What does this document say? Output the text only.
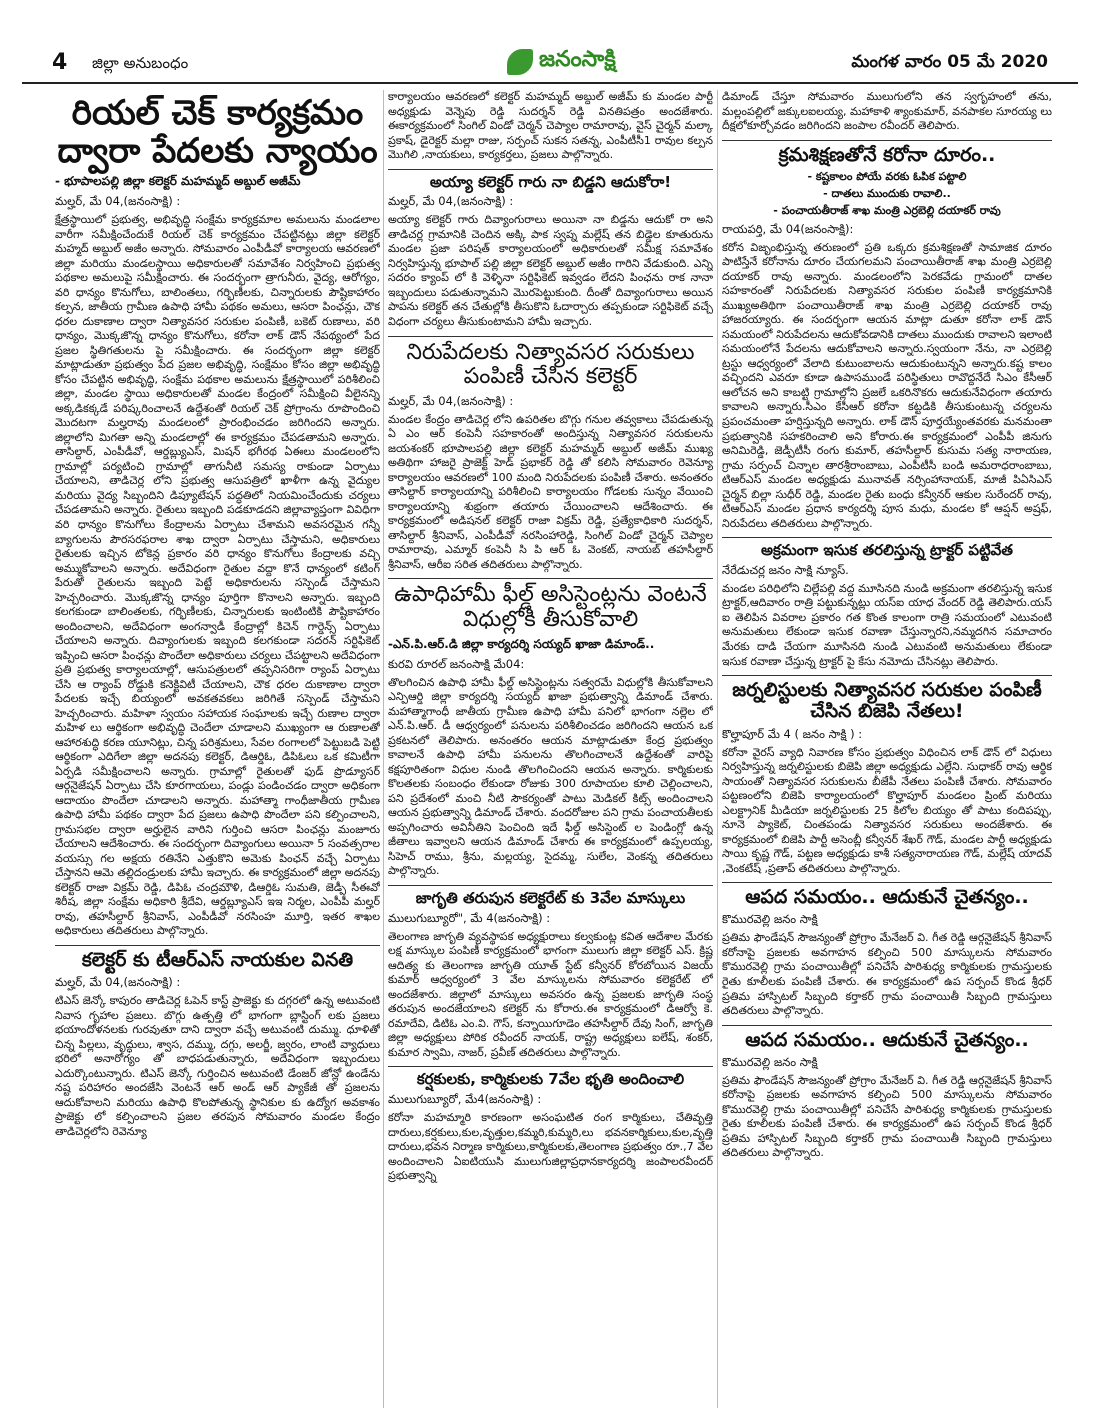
4 జిల్లా అనుబంధం	జనంసాక్షి	మంగళ వారం 05 మే 2020
రియల్ చెక్ కార్యక్రమం ద్వారా పేదలకు న్యాయం
- భూపాలపల్లి జిల్లా కలెక్టర్ మహమ్మద్ అబ్దుల్ అజీమ్
మల్హర్, మే 04,(జనంసాక్షి) :

క్షేత్రస్థాయిలో ప్రభుత్వ, అభివృద్ధి సంక్షేమ కార్యక్రమాల అమలును మండలాల వారీగా సమీక్షించేందుకే రియల్ చెక్ కార్యక్రమం చేపట్టినట్లు జిల్లా కలెక్టర్ మహ్మద్ అబ్దుల్ అజీం అన్నారు. సోమవారం ఎంపీడీవో కార్యాలయ ఆవరణలో జిల్లా మరియు మండలస్థాయి అధికారులతో సమావేశం నిర్వహించి ప్రభుత్వ పథకాల అమలుపై సమీక్షించారు. ఈ సందర్భంగా త్రాగునీరు, వైద్య, ఆరోగ్యం, వరి ధాన్యం కొనుగోలు, బాలింతలు, గర్భిణీలకు, చిన్నారులకు పౌష్టికాహారం కల్పన, జాతీయ గ్రామీణ ఉపాధి హామీ పథకం అమలు, ఆసరా పింఛన్లు, చౌక ధరల దుకాణాల ద్వారా నిత్యావసర సరుకుల పంపిణీ, బకెట్ రుణాలు, వరి ధాన్యం, మొక్కజొన్న ధాన్యం కొనుగోలు, కరోనా లాక్ డౌన్ నేపథ్యంలో పేద ప్రజల స్థితిగతులను పై సమీక్షించారు. ఈ సందర్భంగా జిల్లా కలెక్టర్ మాట్లాడుతూ ప్రభుత్వం పేద ప్రజల అభివృద్ధి, సంక్షేమం కోసం జిల్లా అభివృద్ధి కోసం చేపట్టిన అభివృద్ధి, సంక్షేమ పథకాల అమలును క్షేత్రస్థాయిలో పరిశీలించి జిల్లా, మండల స్థాయి అధికారులతో మండల కేంద్రంలో సమీక్షించి వీలైనన్ని అక్కడికక్కడే పరిష్కరించాలనే ఉద్దేశంతో రియల్ చెక్ ప్రోగ్రాంను రూపొందించి మొదటగా మల్హరావు మండలంలో ప్రారంభించడం జరిగిందని అన్నారు. జిల్లాలోని మిగతా అన్ని మండలాల్లో ఈ కార్యక్రమం చేపడతామని అన్నారు. తాసిల్దార్, ఎంపీడీవో, ఆర్డబ్ల్యుఎస్, మిషన్ భగీరథ ఏఈలు మండలంలోని గ్రామాల్లో పర్యటించి గ్రామాల్లో తాగునీటి సమస్య రాకుండా ఏర్పాటు చేయాలని, తాడిచెర్ల లోని ప్రభుత్వ ఆసుపత్రిలో ఖాళీగా ఉన్న వైద్యుల మరియు వైద్య సిబ్బందిని డిప్యూటేషన్ పద్ధతిలో నియమించేందుకు చర్యలు చేపడతామని అన్నారు. రైతులు ఇబ్బంది పడకూడదని జిల్లావ్యాప్తంగా వివిధిగా వరి ధాన్యం కొనుగోలు కేంద్రాలను ఏర్పాటు చేశామని అవసరమైన గన్నీ బ్యాగులను పౌరసరఫరాల శాఖ ద్వారా ఏర్పాటు చేస్తామని, అధికారులు రైతులకు ఇచ్చిన టోకెన్ల ప్రకారం వరి ధాన్యం కొనుగోలు కేంద్రాలకు వచ్చి అమ్ముకోవాలని అన్నారు. అదేవిధంగా రైతుల వద్దా కొనే ధాన్యంలో కటింగ్ పేరుతో రైతులను ఇబ్బంది పెట్టే అధికారులను సస్పెండ్ చేస్తామని హెచ్చరించారు. మొక్కజొన్న ధాన్యం పూర్తిగా కొనాలని అన్నారు. ఇబ్బంది కలగకుండా బాలింతలకు, గర్భిణీలకు, చిన్నారులకు ఇంటింటికి పౌష్టికాహారం అందించాలని, అదేవిధంగా అంగన్వాడీ కేంద్రాల్లో కిచెన్ గార్డెన్స్ ఏర్పాటు చేయాలని అన్నారు. దివ్యాంగులకు ఇబ్బంది కలగకుండా సదరన్ సర్టిఫికెట్ ఇప్పించి ఆసరా పింఛన్లు పొందేలా అధికారులు చర్యలు చేపట్టాలని అదేవిధంగా ప్రతి ప్రభుత్వ కార్యాలయాల్లో, ఆసుపత్రులలో తప్పనిసరిగా ర్యాంప్ ఏర్పాటు చేసి ఆ ర్యాంప్ రోడ్డుకి కనెక్టివిటీ చేయాలని, చౌక ధరల దుకాణాల ద్వారా పేదలకు ఇచ్చే బియ్యంలో అవకతవకలు జరిగితే సస్పెండ్ చేస్తామని హెచ్చరించారు. మహిళా స్వయం సహాయక సంఘాలకు ఇచ్చే రుణాల ద్వారా మహిళ లు ఆర్థికంగా అభివృద్ధి చెందేలా చూడాలని ముఖ్యంగా ఆ రుణాలతో ఆహారశుద్ధి కరణ యూనిట్లు, చిన్న పరిశ్రమలు, సేవల రంగాలలో పెట్టుబడి పెట్టి ఆర్థికంగా ఎదిగేలా జిల్లా అదనపు కలెక్టర్, డిఆర్డిఓ, డిపిఓలు ఒక కమిటీగా ఏర్పడి సమీక్షించాలని అన్నారు. గ్రామాల్లో రైతులతో ఫుడ్ ప్రొడ్యూసర్ ఆర్గనైజేషన్ ఏర్పాటు చేసి కూరగాయలు, పండ్లు పండించడం ద్వారా అధికంగా ఆదాయం పొందేలా చూడాలని అన్నారు. మహాత్మా గాంధీజాతీయ గ్రామీణ ఉపాధి హామీ పథకం ద్వారా పేద ప్రజలు ఉపాధి పొందేలా పని కల్పించాలని, గ్రామసభల ద్వారా అర్హులైన వారిని గుర్తించి ఆసరా పింఛన్లు మంజూరు చేయాలని ఆదేశించారు. ఈ సందర్భంగా దివ్యాంగులు అయినా 5 సంవత్సరాల వయస్సు గల అక్షయ రతినేని ఎత్తుకొని అమెకు పింఛన్ వచ్చే ఏర్పాటు చేస్తానని ఆమె తల్లిదండ్రులకు హామీ ఇచ్చారు. ఈ కార్యక్రమంలో జిల్లా అదనపు కలెక్టర్ రాజా విక్రమ్ రెడ్డి, డిపిఓ చంద్రమౌళి, డిఆర్డిఓ సుమతి, జెడ్పీ సీఈవో శిరీష, జిల్లా సంక్షేమ అధికారి శ్రీదేవి, ఆర్డబ్ల్యూఎస్ ఇఇ నిర్మల, ఎంపీపీ మల్హర్ రావు, తహసీల్దార్ శ్రీనివాస్, ఎంపీడీవో నరసింహ మూర్తి, ఇతర శాఖల అధికారులు తదితరులు పాల్గొన్నారు.

కలెక్టర్ కు టీఆర్ఎస్ నాయకుల వినతి
మల్హర్, మే 04,(జనంసాక్షి) :

టిఎస్ జెన్కో కాపురం తాడిచెర్ల ఓపెన్ కాస్ట్ ప్రాజెక్టు కు దగ్గరలో ఉన్న అటువంటి నివాస గృహాల ప్రజలు. బొగ్గు ఉత్పత్తి లో భాగంగా బ్లాస్టింగ్ లకు ప్రజలు భయాందోళనలకు గురవుతూ దాని ద్వారా వచ్చే అటువంటి దుమ్ము. ధూళితో చిన్న పిల్లలు, వృద్ధులు, శ్వాస, దమ్ము, దగ్గు, అలర్జీ, జ్వరం, లాంటి వ్యాధులు భరిలో అనారోగ్యం తో బాధపడుతున్నారు, అదేవిధంగా ఇబ్బందులు ఎదుర్కొంటున్నారు. టిఎస్ జెన్కో గుర్తించిన అటువంటి డేంజర్ జోన్లో ఉండేను నష్ట పరిహారం అందజేసి వెంటనే ఆర్ అండ్ ఆర్ ప్యాకేజీ తో ప్రజలను ఆదుకోవాలని మరియు ఉపాధి కొలపోతున్న స్థానికుల కు ఉద్యోగ అవకాశం ప్రాజెక్టు లో కల్పించాలని ప్రజల తరపున సోమవారం మండల కేంద్రం తాడిచెర్లలోని రెవెన్యూ

కార్యాలయం ఆవరణలో కలెక్టర్ మహమ్మద్ అబ్దుల్ అజీమ్ కు మండల పార్టీ అధ్యక్షుడు వెన్నెపు రెడ్డి సుదర్శన్ రెడ్డి వినతిపత్రం అందజేశారు. ఈకార్యక్రమంలో సింగిల్ విండో చెర్మన్ చెప్యాల రామారావు, వైస్ చైర్మన్ మల్కా ప్రకాష్, డైరెక్టర్ మల్లా రాజు, సర్పంచ్ సుకన సతన్న, ఎంపీటీసీ1 రావుల కల్పన మొగిలి ,నాయకులు, కార్యకర్తలు, ప్రజలు పాల్గొన్నారు.

అయ్యా కలెక్టర్ గారు నా బిడ్డని ఆదుకోరా!
మల్హర్, మే 04,(జనంసాక్షి) :

అయ్యా కలెక్టర్ గారు దివ్యాంగురాలు అయినా నా బిడ్డను ఆదుకో రా అని తాడిచర్ల గ్రామానికి చెందిన అక్కి పాక స్వప్న మల్లేష్ తన బిడ్డెల కూతురును మండల ప్రజా పరిషత్ కార్యాలయంలో అధికారులతో సమీక్ష సమావేశం నిర్వహిస్తున్న భూపాల్ పల్లి జిల్లా కలెక్టర్ అబ్దుల్ అజీం గారిని వేడుకుంది. ఎన్ని సదరం క్యాంప్ లో కి వెళ్ళినా సర్టిఫికెట్ ఇవ్వడం లేదని పింఛను రాక నానా ఇబ్బందులు పడుతున్నామని మొరపెట్టుకుంది. దీంతో దివ్యాంగురాలు అయిన పాపను కలెక్టర్ తన చేతుల్లోకి తీసుకొని ఓదార్చారు తప్పకుండా సర్టిఫికెట్ వచ్చే విధంగా చర్యలు తీసుకుంటామని హామీ ఇచ్చారు.

నిరుపేదలకు నిత్యావసర సరుకులు పంపిణీ చేసిన కలెక్టర్
మల్హర్, మే 04,(జనంసాక్షి) :

మండల కేంద్రం తాడిచెర్ల లోని ఉపరితల బొగ్గు గనుల తవ్వకాలు చేపడుతున్న ఏ ఎం ఆర్ కంపెనీ సహకారంతో అందిస్తున్న నిత్యావసర సరుకులను జయశంకర్ భూపాలపల్లి జిల్లా కలెక్టర్ మహమ్మద్ అబ్దుల్ అజీమ్ ముఖ్య అతిథిగా హాజరై ప్రాజెక్ట్ హెడ్ ప్రభాకర్ రెడ్డి తో కలిసి సోమవారం రెవెన్యూ కార్యాలయం ఆవరణలో 100 మంది నిరుపేదలకు పంపిణీ చేశారు. అనంతరం తాసిల్దార్ కార్యాలయాన్ని పరిశీలించి కార్యాలయం గోడలకు సున్నం వేయించి కార్యాలయాన్ని శుభ్రంగా తయారు చేయించాలని ఆదేశించారు. ఈ కార్యక్రమంలో అడిషనల్ కలెక్టర్ రాజా విక్రమ్ రెడ్డి, ప్రత్యేకాధికారి సుదర్శన్, తాసిల్దార్ శ్రీనివాస్, ఎంపీడీవో నరసింహారెడ్డి, సింగిల్ విండో చైర్మన్ చెప్యాల రామారావు, ఎమ్మార్ కంపెనీ సి పి ఆర్ ఓ వెంకట్, నాయబ్ తహసీల్దార్ శ్రీనివాస్, ఆరీఐ సరిత తదితరులు పాల్గొన్నారు.

ఉపాధిహామీ ఫీల్డ్ అసిస్టెంట్లను వెంటనే విధుల్లోకి తీసుకోవాలి
-ఎన్.పి.ఆర్.డి జిల్లా కార్యదర్శి సయ్యద్ ఖాజా డిమాండ్..
కురవి రూరల్ జనంసాక్షి మే04:

తొలగించిన ఉపాధి హామీ ఫీల్డ్ అసిస్టెంట్లను సత్వరమే విధుల్లోకి తీసుకోవాలని ఎన్పిఆర్డి జిల్లా కార్యదర్శి సయ్యద్ ఖాజా ప్రభుత్వాన్ని డిమాండ్ చేశారు. మహాత్మాగాంధీ జాతీయ గ్రామీణ ఉపాధి హామీ పనిలో భాగంగా నల్లెల లో ఎన్.పి.ఆర్. డీ ఆధ్వర్యంలో పనులను పరిశీలించడం జరిగిందని ఆయన ఒక ప్రకటనలో తెలిపారు. అనంతరం ఆయన మాట్లాడుతూ కేంద్ర ప్రభుత్వం కావాలనే ఉపాధి హామీ పనులను తొలగించాలనే ఉద్దేశంతో వారిపై కక్షపూరితంగా విధుల నుండి తొలగించిందని ఆయన అన్నారు. కార్మికులకు కొలతలకు సంబంధం లేకుండా రోజుకు 300 రూపాయల కూలి చెల్లించాలని, పని ప్రదేశంలో మంచి నీటి సౌకర్యంతో పాటు మెడికల్ కిట్స్ అందించాలని ఆయన ప్రభుత్వాన్ని డిమాండ్ చేశారు. వందరోజుల పని గ్రామ పంచాయతీలకు అప్పగించారు అవినీతిని పెంచింది ఇదే ఫీల్డ్ అసిస్టెంట్ ల పెండింగ్లో ఉన్న జీతాలు ఇవ్వాలని ఆయన డిమాండ్ చేశారు ఈ కార్యక్రమంలో ఉప్పలయ్య, సిహెచ్ రాము, శ్రీను, మల్లయ్య, సైదమ్మ, సులేల, వెంకన్న తదితరులు పాల్గొన్నారు.

జాగృతి తరుపున కలెక్టరేట్ కు 3వేల మాస్కులు
ములుగుబ్యూరో", మే 4(జనంసాక్షి) :

తెలంగాణ జాగృతి వ్యవస్థాపక అధ్యక్షురాలు కల్వకుంట్ల కవిత ఆదేశాల మేరకు లక్ష మాస్కుల పంపిణీ కార్యక్రమంలో భాగంగా ములుగు జిల్లా కలెక్టర్ ఎస్. క్రిష్ణ ఆదిత్య కు తెలంగాణ జాగృతి యూత్ స్టేట్ కన్వీనర్ కోరబోయిన విజయ్ కుమార్ ఆధ్వర్యంలో 3 వేల మాస్కులను సోమవారం కలెక్టరేట్ లో అందజేశారు. జిల్లాలో మాస్కులు అవసరం ఉన్న ప్రజలకు జాగృతి సంస్థ తరుపున అందజేయాలని కలెక్టర్ ను కోరారు.ఈ కార్యక్రమంలో డిఆర్వో కె. రమాదేవి, డిటిఓ ఎం.వి. గౌస్, కన్నాయిగూడెం తహసీల్దార్ దేవు సింగ్, జాగృతి జిల్లా అధ్యక్షులు పోరిక రవీందర్ నాయక్, రాష్ట్ర అధ్యక్షులు ఐలేష్, శంకర్, కుమార స్వామి, నాజర్, ప్రవీణ్ తదితరులు పాల్గొన్నారు.

కర్షకులకు, కార్మికులకు 7వేల భృతి అందించాలి
ములుగుబ్యూరో, మే4(జనంసాక్షి) :

కరోనా మహమ్మారి కారణంగా అసంఘటిత రంగ కార్మికులు, చేతివృత్తి దారులు,కర్షకులు,కుల,వృత్తుల,కమ్మరి,కుమ్మరి,లు భవనకార్మికులు,కుల,వృత్తి దారులు,భవన నిర్మాణ కార్మికులు,కార్మికులకు,తెలంగాణ ప్రభుత్వం రూ.,7 వేల అందించాలని ఏఐటియుసి ములుగుజిల్లాప్రధానకార్యదర్శి జంపాలరవీందర్ ప్రభుత్వాన్ని

డిమాండ్ చేస్తూ సోమవారం ములుగులోని తన స్వగృహంలో తను, మల్లంపల్లిలో జక్కులఐలయ్య, మహాకాళి శ్యాంకుమార్, వనపాకల సూరయ్య లు దీక్షలోకూర్చోవడం జరిగిందని జంపాల రవీందర్ తెలిపారు.

క్రమశిక్షణతోనే కరోనా దూరం..
- కష్టకాలం పోయే వరకు ఓపిక పట్టాలి
- దాతలు ముందుకు రావాలి..
- పంచాయతీరాజ్ శాఖ మంత్రి ఎర్రబెల్లి దయాకర్ రావు
రాయపర్తి, మే 04(జనంసాక్షి):

కరోన విజృంభిస్తున్న తరుణంలో ప్రతి ఒక్కరు క్రమశిక్షణతో సామాజిక దూరం పాటిస్తేనే కరోనాను దూరం చేయగలమని పంచాయితీరాజ్ శాఖ మంత్రి ఎర్రబెల్లి దయాకర్ రావు అన్నారు. మండలంలోని పెరకవేడు గ్రామంలో దాతల సహకారంతో నిరుపేదలకు నిత్యావసర సరుకుల పంపిణీ కార్యక్రమానికి ముఖ్యఅతిథిగా పంచాయితీరాజ్ శాఖ మంత్రి ఎర్రబెల్లి దయాకర్ రావు హాజరయ్యారు. ఈ సందర్భంగా ఆయన మాట్లా డుతూ కరోనా లాక్ డౌన్ సమయంలో నిరుపేదలను ఆదుకోవడానికి దాతలు ముందుకు రావాలని ఇలాంటి సమయంలోనే పేదలను ఆదుకోవాలని అన్నారు.స్వయంగా నేను, నా ఎర్రబెల్లి ట్రస్టు ఆధ్వర్యంలో వేలాది కుటుంబాలను ఆదుకుంటున్నని అన్నారు.కష్ట కాలం వచ్చిందని ఎవరూ కూడా ఉపాసముండే పరిస్థితులు రావొద్దనేదే సిఎం కేసీఆర్ ఆలోచన అని కాబట్టి గ్రామాల్లోని ప్రజలే ఒకరినొకరు ఆదుకునేవిధంగా తయారు కావాలని అన్నారు.సీఎం కేసీఆర్ కరోనా కట్టడికి తీసుకుంటున్న చర్యలను ప్రపంచమంతా హర్షిస్తున్నది అన్నారు. లాక్ డౌన్ పూర్తయ్యేంతవరకు మనమంతా ప్రభుత్వానికి సహకరించాలి అని కోరారు.ఈ కార్యక్రమంలో ఎంపీపీ జినుగు అనిమిరెడ్డి, జెడ్పీటీసీ రంగు కుమార్, తహసీల్దార్ కుసుమ సత్య నారాయణ, గ్రామ సర్పంచ్ చిన్నాల తారశ్రీరాంబాబు, ఎంపీటీసీ బండి అమరాధరాంబాబు, టిఆర్ఎస్ మండల అధ్యక్షుడు మునావత్ నర్సింహానాయక్, మాజీ పిఏసిఎస్ చైర్మన్ బిల్లా సుధీర్ రెడ్డి, మండల రైతు బంధు కన్వీనర్ ఆకుల సురేందర్ రావు, టిఆర్ఎస్ మండల ప్రధాన కార్యదర్శి పూస మధు, మండల కో ఆప్షన్ అష్రఫ్, నిరుపేదలు తదితరులు పాల్గొన్నారు.

అక్రమంగా ఇసుక తరలిస్తున్న ట్రాక్టర్ పట్టివేత
నేరేడుచర్ల జనం సాక్షి న్యూస్.

మండల పరిధిలోని చిల్లేపల్లి వద్ద మూసినది నుండి అక్రమంగా తరలిస్తున్న ఇసుక ట్రాక్టర్,ఆదివారం రాత్రి పట్టుకున్నట్లు యస్ఐ యాధ వేందర్ రెడ్డి తెలిపారు.యస్ ఐ తెలిపిన వివరాల ప్రకారం గత కొంత కాలంగా రాత్రి సమయంలో ఎటువంటి అనుమతులు లేకుండా ఇసుక రవాణా చేస్తున్నారని,నమ్మదగిన సమాచారం మేరకు దాడి చేయగా మూసినది నుండి ఎటువంటి అనుమతులు లేకుండా ఇసుక రవాణా చేస్తున్న ట్రాక్టర్ పై కేసు నమోదు చేసినట్లు తెలిపారు.

జర్నలిస్టులకు నిత్యావసర సరుకుల పంపిణీ చేసిన బిజెపి నేతలు!
కొల్హాపూర్ మే 4 ( జనం సాక్షి ) :

కరోనా వైరస్ వ్యాధి నివారణ కోసం ప్రభుత్వం విధించిన లాక్ డౌన్ లో విధులు నిర్వహిస్తున్న జర్నలిస్టులకు బిజెపి జిల్లా అధ్యక్షుడు ఎల్లేని. సుధాకర్ రావు ఆర్థిక సాయంతో నిత్యావసర సరుకులను బీజేపీ నేతలు పంపిణీ చేశారు. సోమవారం పట్టణంలోని బిజెపి కార్యాలయంలో కొల్హాపూర్ మండలం ప్రింట్ మరియు ఎలక్ట్రానిక్ మీడియా జర్నలిస్టులకు 25 కిలోల బియ్యం తో పాటు కందిపప్పు, నూనె ప్యాకెట్, చింతపండు నిత్యావసర సరుకులు అందజేశారు. ఈ కార్యక్రమంలో బిజెపి పార్టీ అసెంబ్లీ కన్వీనర్ శేఖర్ గౌడ్, మండల పార్టీ అధ్యక్షుడు సాయి కృష్ణ గౌడ్, పట్టణ అధ్యక్షుడు కాశీ సత్యనారాయణ గౌడ్, మల్లేష్ యాదవ్ ,వెంకటేష్ ,ప్రతాప్ తదితరులు పాల్గొన్నారు.

ఆపద సమయం.. ఆదుకునే చైతన్యం..
కొమురవెల్లి జనం సాక్షి

ప్రతిమ ఫౌండేషన్ సౌజన్యంతో ప్రోగ్రాం మేనేజర్ వి. గీత రెడ్డి ఆర్గనైజేషన్ శ్రీనివాస్ కరోనాపై ప్రజలకు అవగాహన కల్పించి 500 మాస్కులను సోమవారం కొమురవెల్లి గ్రామ పంచాయితీల్లో పనిచేసే పారిశుధ్య కార్మికులకు గ్రామస్తులకు రైతు కూలీలకు పంపిణీ చేశారు. ఈ కార్యక్రమంలో ఉప సర్పంచ్ కొండ శ్రీధర్ ప్రతిమ హాస్పిటల్ సిబ్బంది కర్తాకర్ గ్రామ పంచాయితీ సిబ్బంది గ్రామస్తులు తదితరులు పాల్గొన్నారు.

ఆపద సమయం.. ఆదుకునే చైతన్యం..
కొమురవెల్లి జనం సాక్షి

ప్రతిమ ఫౌండేషన్ సౌజన్యంతో ప్రోగ్రాం మేనేజర్ వి. గీత రెడ్డి ఆర్గనైజేషన్ శ్రీనివాస్ కరోనాపై ప్రజలకు అవగాహన కల్పించి 500 మాస్కులను సోమవారం కొమురవెల్లి గ్రామ పంచాయితీల్లో పనిచేసే పారిశుధ్య కార్మికులకు గ్రామస్తులకు రైతు కూలీలకు పంపిణీ చేశారు. ఈ కార్యక్రమంలో ఉప సర్పంచ్ కొండ శ్రీధర్ ప్రతిమ హాస్పిటల్ సిబ్బంది కర్తాకర్ గ్రామ పంచాయితీ సిబ్బంది గ్రామస్తులు తదితరులు పాల్గొన్నారు.
